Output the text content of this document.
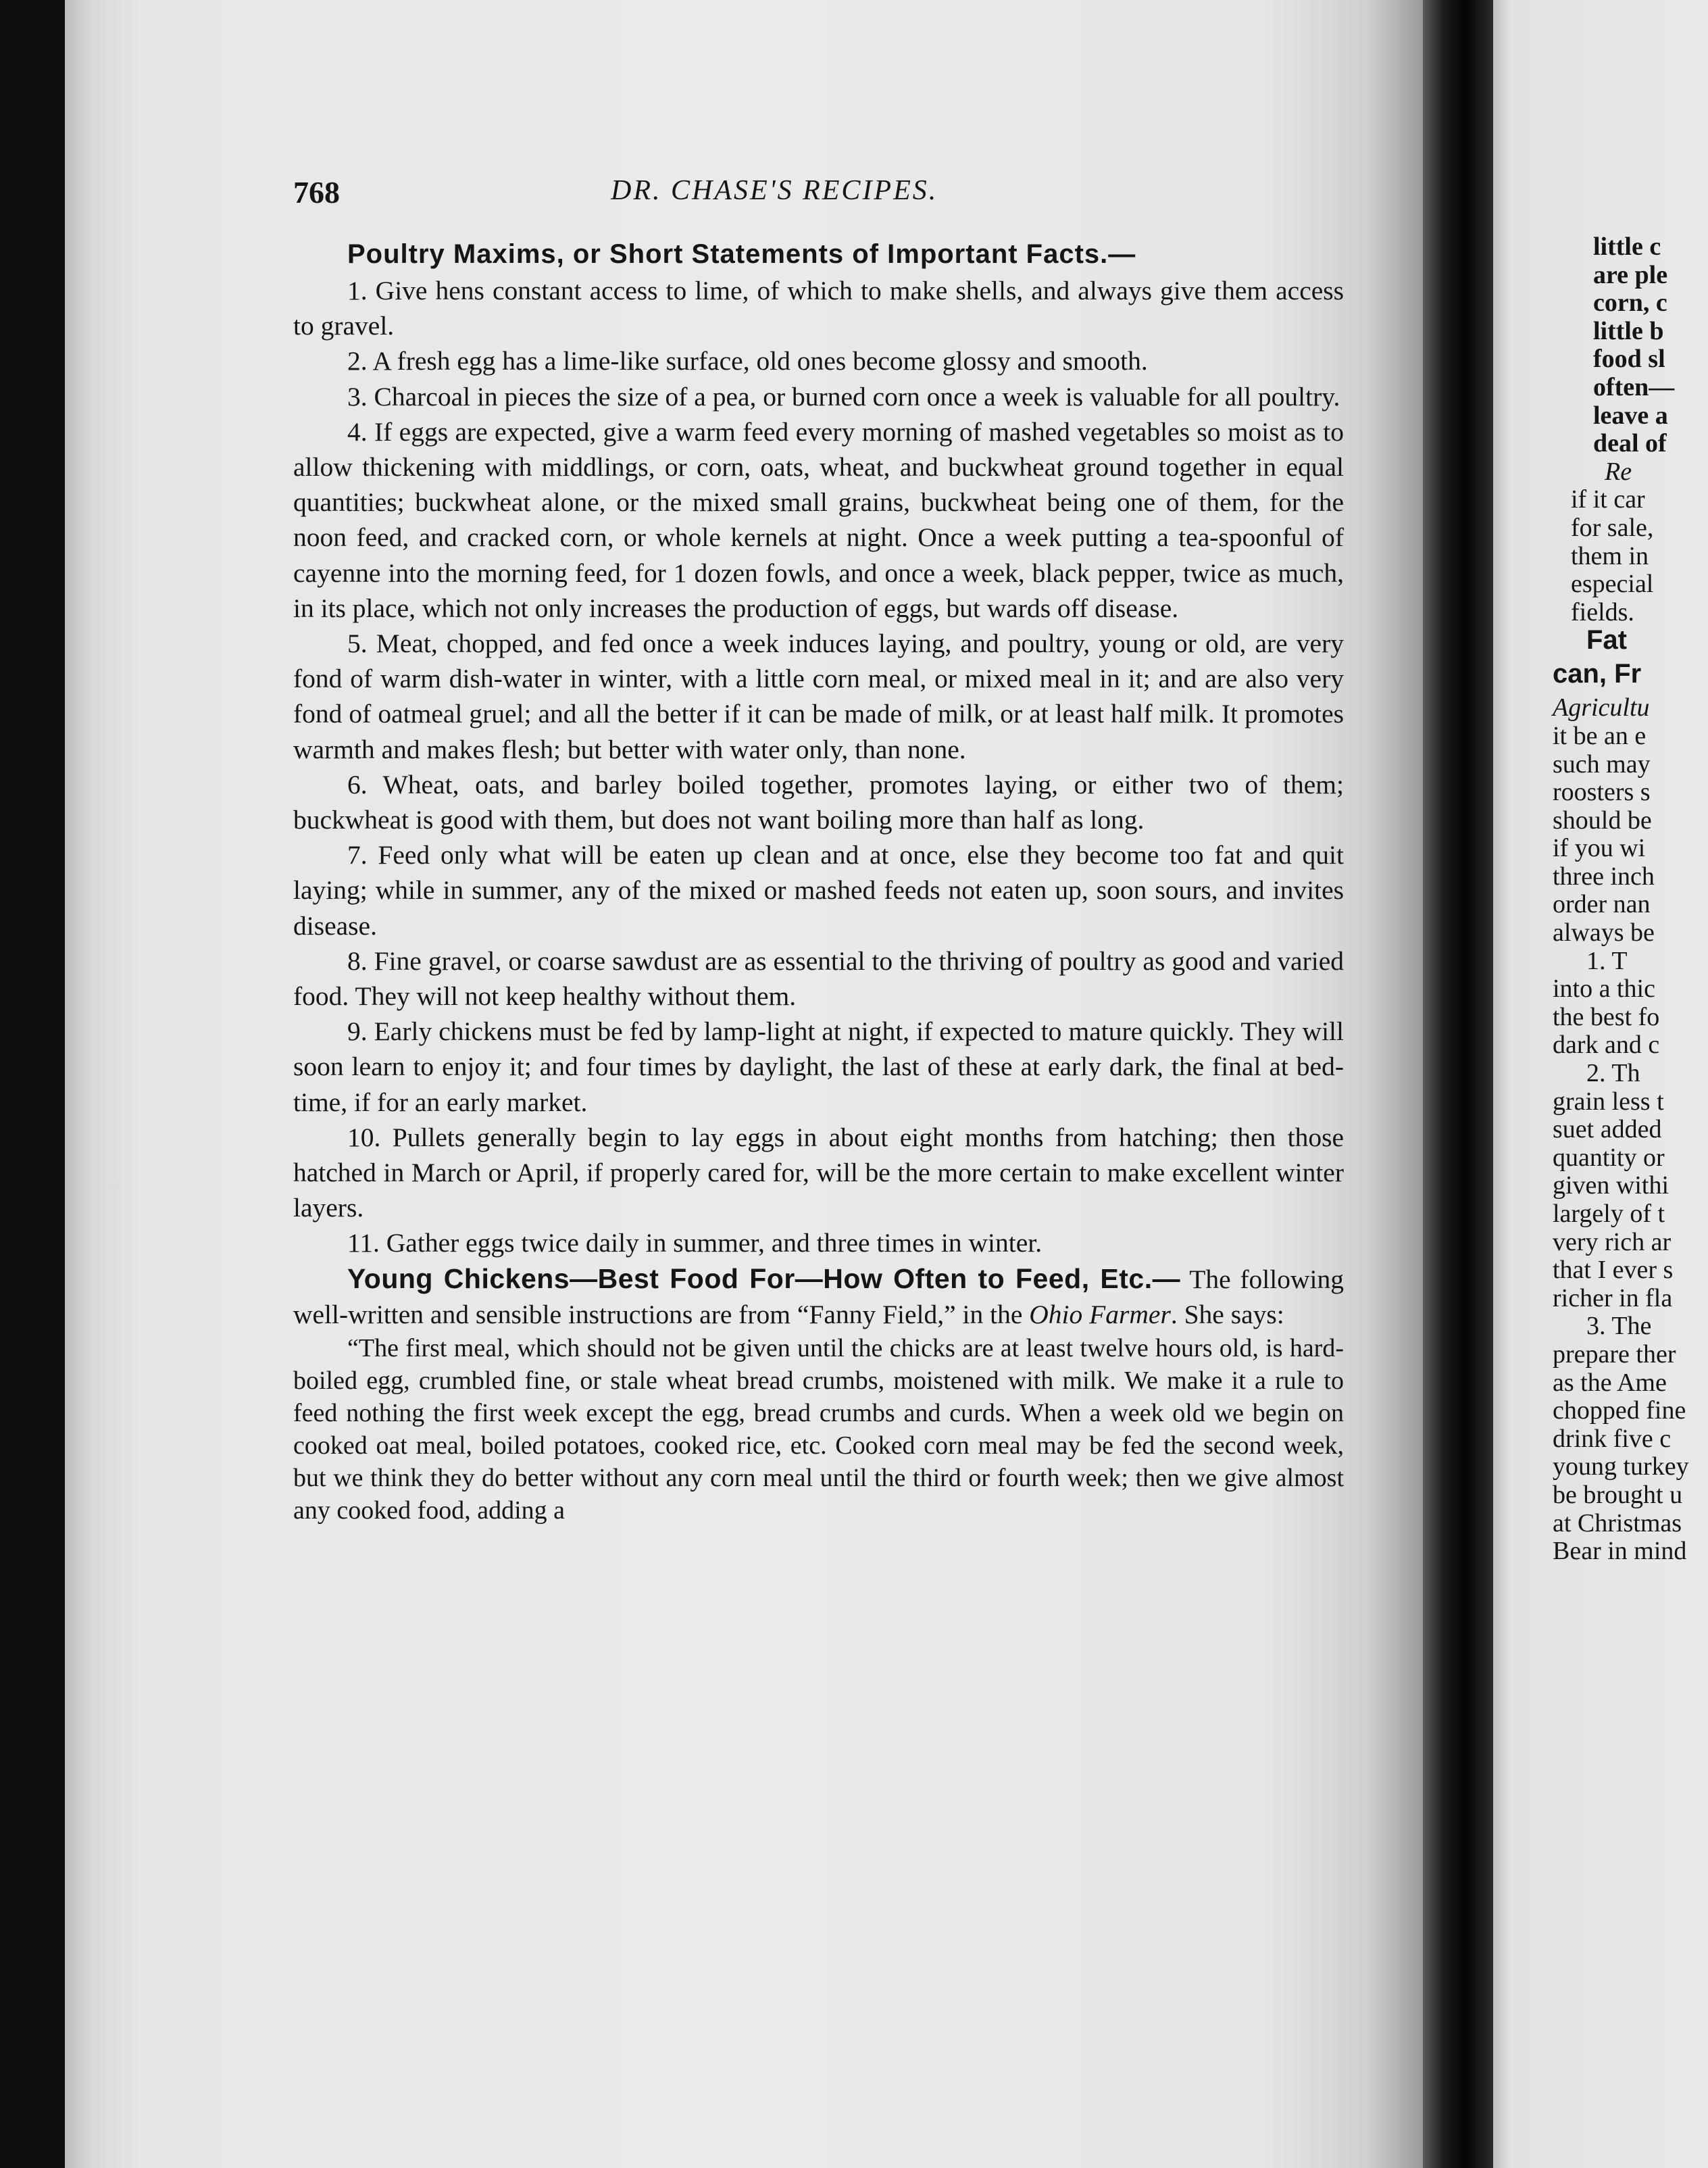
768	DR. CHASE'S RECIPES.
Poultry Maxims, or Short Statements of Important Facts.—

1. Give hens constant access to lime, of which to make shells, and always give them access to gravel.

2. A fresh egg has a lime-like surface, old ones become glossy and smooth.

3. Charcoal in pieces the size of a pea, or burned corn once a week is valuable for all poultry.

4. If eggs are expected, give a warm feed every morning of mashed vegetables so moist as to allow thickening with middlings, or corn, oats, wheat, and buckwheat ground together in equal quantities; buckwheat alone, or the mixed small grains, buckwheat being one of them, for the noon feed, and cracked corn, or whole kernels at night. Once a week putting a tea-spoonful of cayenne into the morning feed, for 1 dozen fowls, and once a week, black pepper, twice as much, in its place, which not only increases the production of eggs, but wards off disease.

5. Meat, chopped, and fed once a week induces laying, and poultry, young or old, are very fond of warm dish-water in winter, with a little corn meal, or mixed meal in it; and are also very fond of oatmeal gruel; and all the better if it can be made of milk, or at least half milk. It promotes warmth and makes flesh; but better with water only, than none.

6. Wheat, oats, and barley boiled together, promotes laying, or either two of them; buckwheat is good with them, but does not want boiling more than half as long.

7. Feed only what will be eaten up clean and at once, else they become too fat and quit laying; while in summer, any of the mixed or mashed feeds not eaten up, soon sours, and invites disease.

8. Fine gravel, or coarse sawdust are as essential to the thriving of poultry as good and varied food. They will not keep healthy without them.

9. Early chickens must be fed by lamp-light at night, if expected to mature quickly. They will soon learn to enjoy it; and four times by daylight, the last of these at early dark, the final at bed-time, if for an early market.

10. Pullets generally begin to lay eggs in about eight months from hatching; then those hatched in March or April, if properly cared for, will be the more certain to make excellent winter layers.

11. Gather eggs twice daily in summer, and three times in winter.

Young Chickens—Best Food For—How Often to Feed, Etc.— The following well-written and sensible instructions are from “Fanny Field,” in the Ohio Farmer. She says:

“The first meal, which should not be given until the chicks are at least twelve hours old, is hard-boiled egg, crumbled fine, or stale wheat bread crumbs, moistened with milk. We make it a rule to feed nothing the first week except the egg, bread crumbs and curds. When a week old we begin on cooked oat meal, boiled potatoes, cooked rice, etc. Cooked corn meal may be fed the second week, but we think they do better without any corn meal until the third or fourth week; then we give almost any cooked food, adding a

little c
are ple
corn, c
little b
food sl
often—
leave a
deal of
Re
if it car
for sale,
them in
especial
fields.
Fat
can, Fr
Agricultu
it be an e
such may
roosters s
should be
if you wi
three inch
order nan
always be
1. T
into a thic
the best fo
dark and c
2. Th
grain less t
suet added
quantity or
given withi
largely of t
very rich ar
that I ever s
richer in fla
3. The
prepare ther
as the Ame
chopped fine
drink five c
young turkey
be brought u
at Christmas
Bear in mind
